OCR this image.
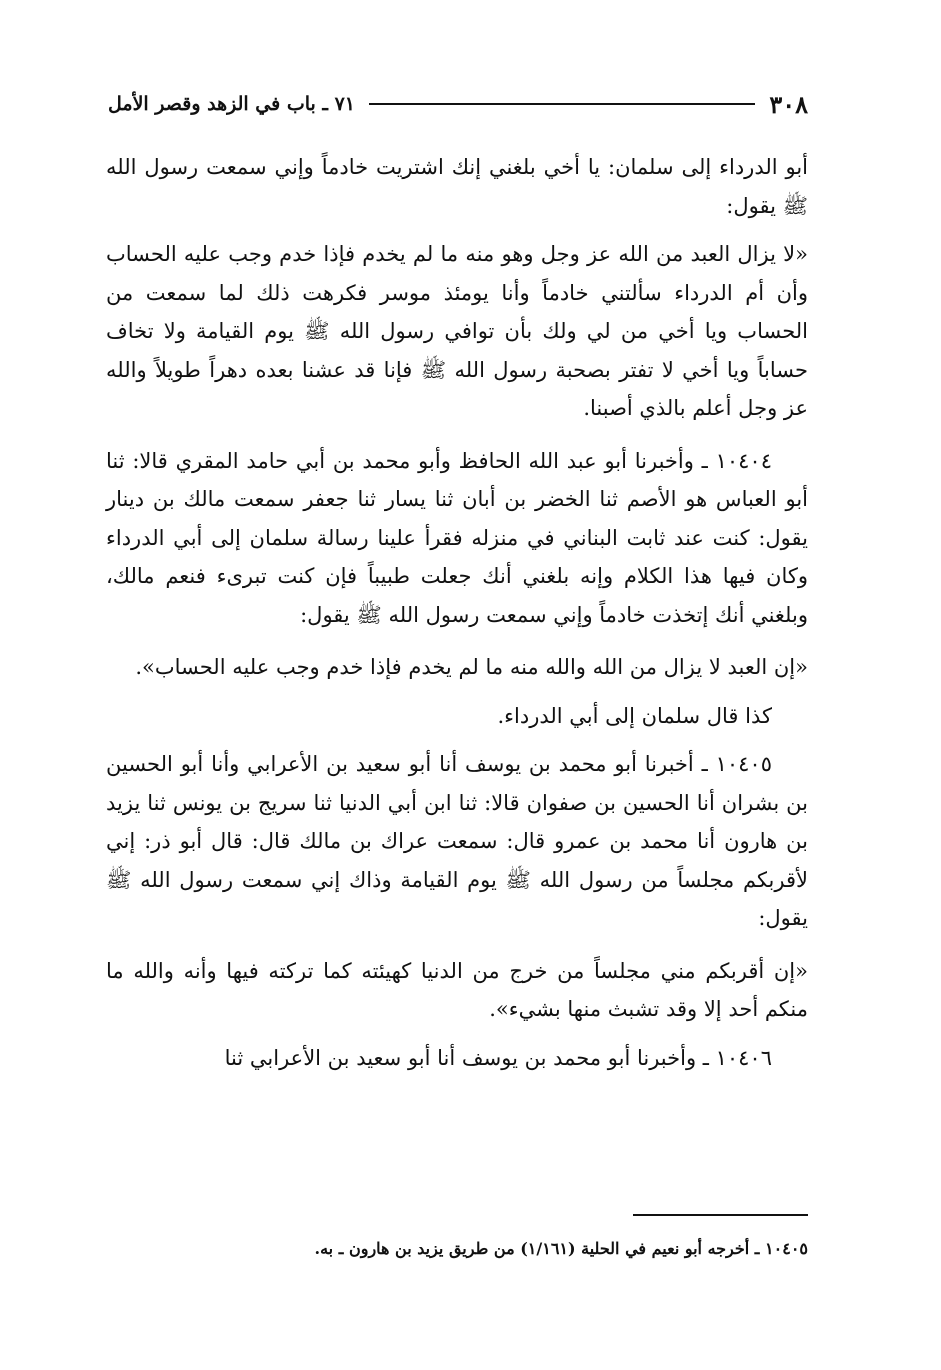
٣٠٨
٧١ ـ باب في الزهد وقصر الأمل

أبو الدرداء إلى سلمان: يا أخي بلغني إنك اشتريت خادماً وإني سمعت رسول الله ﷺ يقول:

«لا يزال العبد من الله عز وجل وهو منه ما لم يخدم فإذا خدم وجب عليه الحساب وأن أم الدرداء سألتني خادماً وأنا يومئذ موسر فكرهت ذلك لما سمعت من الحساب ويا أخي من لي ولك بأن توافي رسول الله ﷺ يوم القيامة ولا تخاف حساباً ويا أخي لا تفتر بصحبة رسول الله ﷺ فإنا قد عشنا بعده دهراً طويلاً والله عز وجل أعلم بالذي أصبنا.

١٠٤٠٤ ـ وأخبرنا أبو عبد الله الحافظ وأبو محمد بن أبي حامد المقري قالا: ثنا أبو العباس هو الأصم ثنا الخضر بن أبان ثنا يسار ثنا جعفر سمعت مالك بن دينار يقول: كنت عند ثابت البناني في منزله فقرأ علينا رسالة سلمان إلى أبي الدرداء وكان فيها هذا الكلام وإنه بلغني أنك جعلت طبيباً فإن كنت تبرىء فنعم مالك، وبلغني أنك إتخذت خادماً وإني سمعت رسول الله ﷺ يقول:

«إن العبد لا يزال من الله والله منه ما لم يخدم فإذا خدم وجب عليه الحساب».

كذا قال سلمان إلى أبي الدرداء.

١٠٤٠٥ ـ أخبرنا أبو محمد بن يوسف أنا أبو سعيد بن الأعرابي وأنا أبو الحسين بن بشران أنا الحسين بن صفوان قالا: ثنا ابن أبي الدنيا ثنا سريج بن يونس ثنا يزيد بن هارون أنا محمد بن عمرو قال: سمعت عراك بن مالك قال: قال أبو ذر: إني لأقربكم مجلساً من رسول الله ﷺ يوم القيامة وذاك إني سمعت رسول الله ﷺ يقول:

«إن أقربكم مني مجلساً من خرج من الدنيا كهيئته كما تركته فيها وأنه والله ما منكم أحد إلا وقد تشبث منها بشيء».

١٠٤٠٦ ـ وأخبرنا أبو محمد بن يوسف أنا أبو سعيد بن الأعرابي ثنا

١٠٤٠٥ ـ أخرجه أبو نعيم في الحلية (١/١٦١) من طريق يزيد بن هارون ـ به.
